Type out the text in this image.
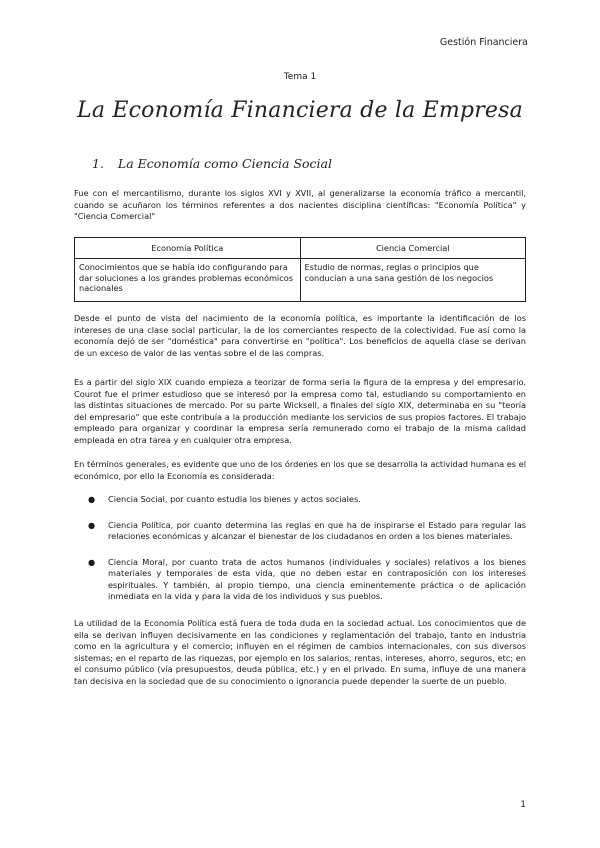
Gestión Financiera
Tema 1
La Economía Financiera de la Empresa
1. La Economía como Ciencia Social

Fue con el mercantilismo, durante los siglos XVI y XVII, al generalizarse la economía tráfico a mercantil, cuando se acuñaron los términos referentes a dos nacientes disciplina científicas: "Economía Política" y "Ciencia Comercial"

Economía Política	Ciencia Comercial
Conocimientos que se había ido configurando para dar soluciones a los grandes problemas económicos nacionales	Estudio de normas, reglas o principios que conducían a una sana gestión de los negocios

Desde el punto de vista del nacimiento de la economía política, es importante la identificación de los intereses de una clase social particular, la de los comerciantes respecto de la colectividad. Fue así como la economía dejó de ser "doméstica" para convertirse en "política". Los beneficios de aquella clase se derivan de un exceso de valor de las ventas sobre el de las compras.

Es a partir del siglo XIX cuando empieza a teorizar de forma seria la figura de la empresa y del empresario. Courot fue el primer estudioso que se interesó por la empresa como tal, estudiando su comportamiento en las distintas situaciones de mercado. Por su parte Wicksell, a finales del siglo XIX, determinaba en su "teoría del empresario" que este contribuía a la producción mediante los servicios de sus propios factores. El trabajo empleado para organizar y coordinar la empresa sería remunerado como el trabajo de la misma calidad empleada en otra tarea y en cualquier otra empresa.

En términos generales, es evidente que uno de los órdenes en los que se desarrolla la actividad humana es el económico, por ello la Economía es considerada:

● Ciencia Social, por cuanto estudia los bienes y actos sociales.
● Ciencia Política, por cuanto determina las reglas en que ha de inspirarse el Estado para regular las relaciones económicas y alcanzar el bienestar de los ciudadanos en orden a los bienes materiales.
● Ciencia Moral, por cuanto trata de actos humanos (individuales y sociales) relativos a los bienes materiales y temporales de esta vida, que no deben estar en contraposición con los intereses espirituales. Y también, al propio tiempo, una ciencia eminentemente práctica o de aplicación inmediata en la vida y para la vida de los individuos y sus pueblos.

La utilidad de la Economía Política está fuera de toda duda en la sociedad actual. Los conocimientos que de ella se derivan influyen decisivamente en las condiciones y reglamentación del trabajo, tanto en industria como en la agricultura y el comercio; influyen en el régimen de cambios internacionales, con sus diversos sistemas; en el reparto de las riquezas, por ejemplo en los salarios, rentas, intereses, ahorro, seguros, etc; en el consumo público (vía presupuestos, deuda pública, etc.) y en el privado. En suma, influye de una manera tan decisiva en la sociedad que de su conocimiento o ignorancia puede depender la suerte de un pueblo.

1
